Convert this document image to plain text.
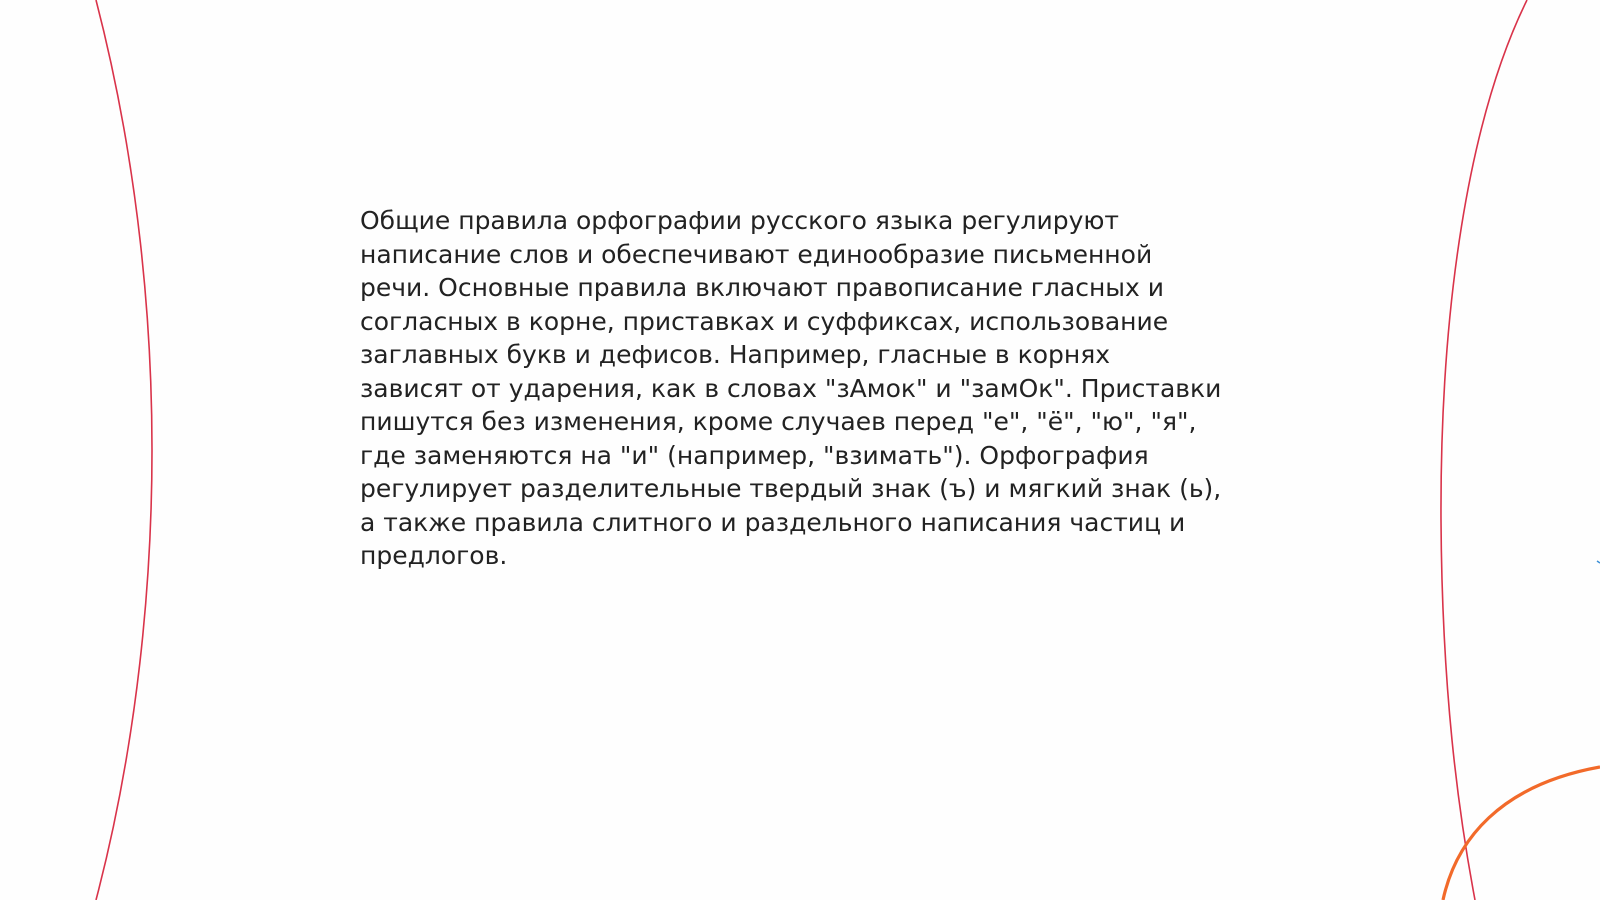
Общие правила орфографии русского языка регулируют
написание слов и обеспечивают единообразие письменной
речи. Основные правила включают правописание гласных и
согласных в корне, приставках и суффиксах, использование
заглавных букв и дефисов. Например, гласные в корнях
зависят от ударения, как в словах "зАмок" и "замОк". Приставки
пишутся без изменения, кроме случаев перед "е", "ё", "ю", "я",
где заменяются на "и" (например, "взимать"). Орфография
регулирует разделительные твердый знак (ъ) и мягкий знак (ь),
а также правила слитного и раздельного написания частиц и
предлогов.
